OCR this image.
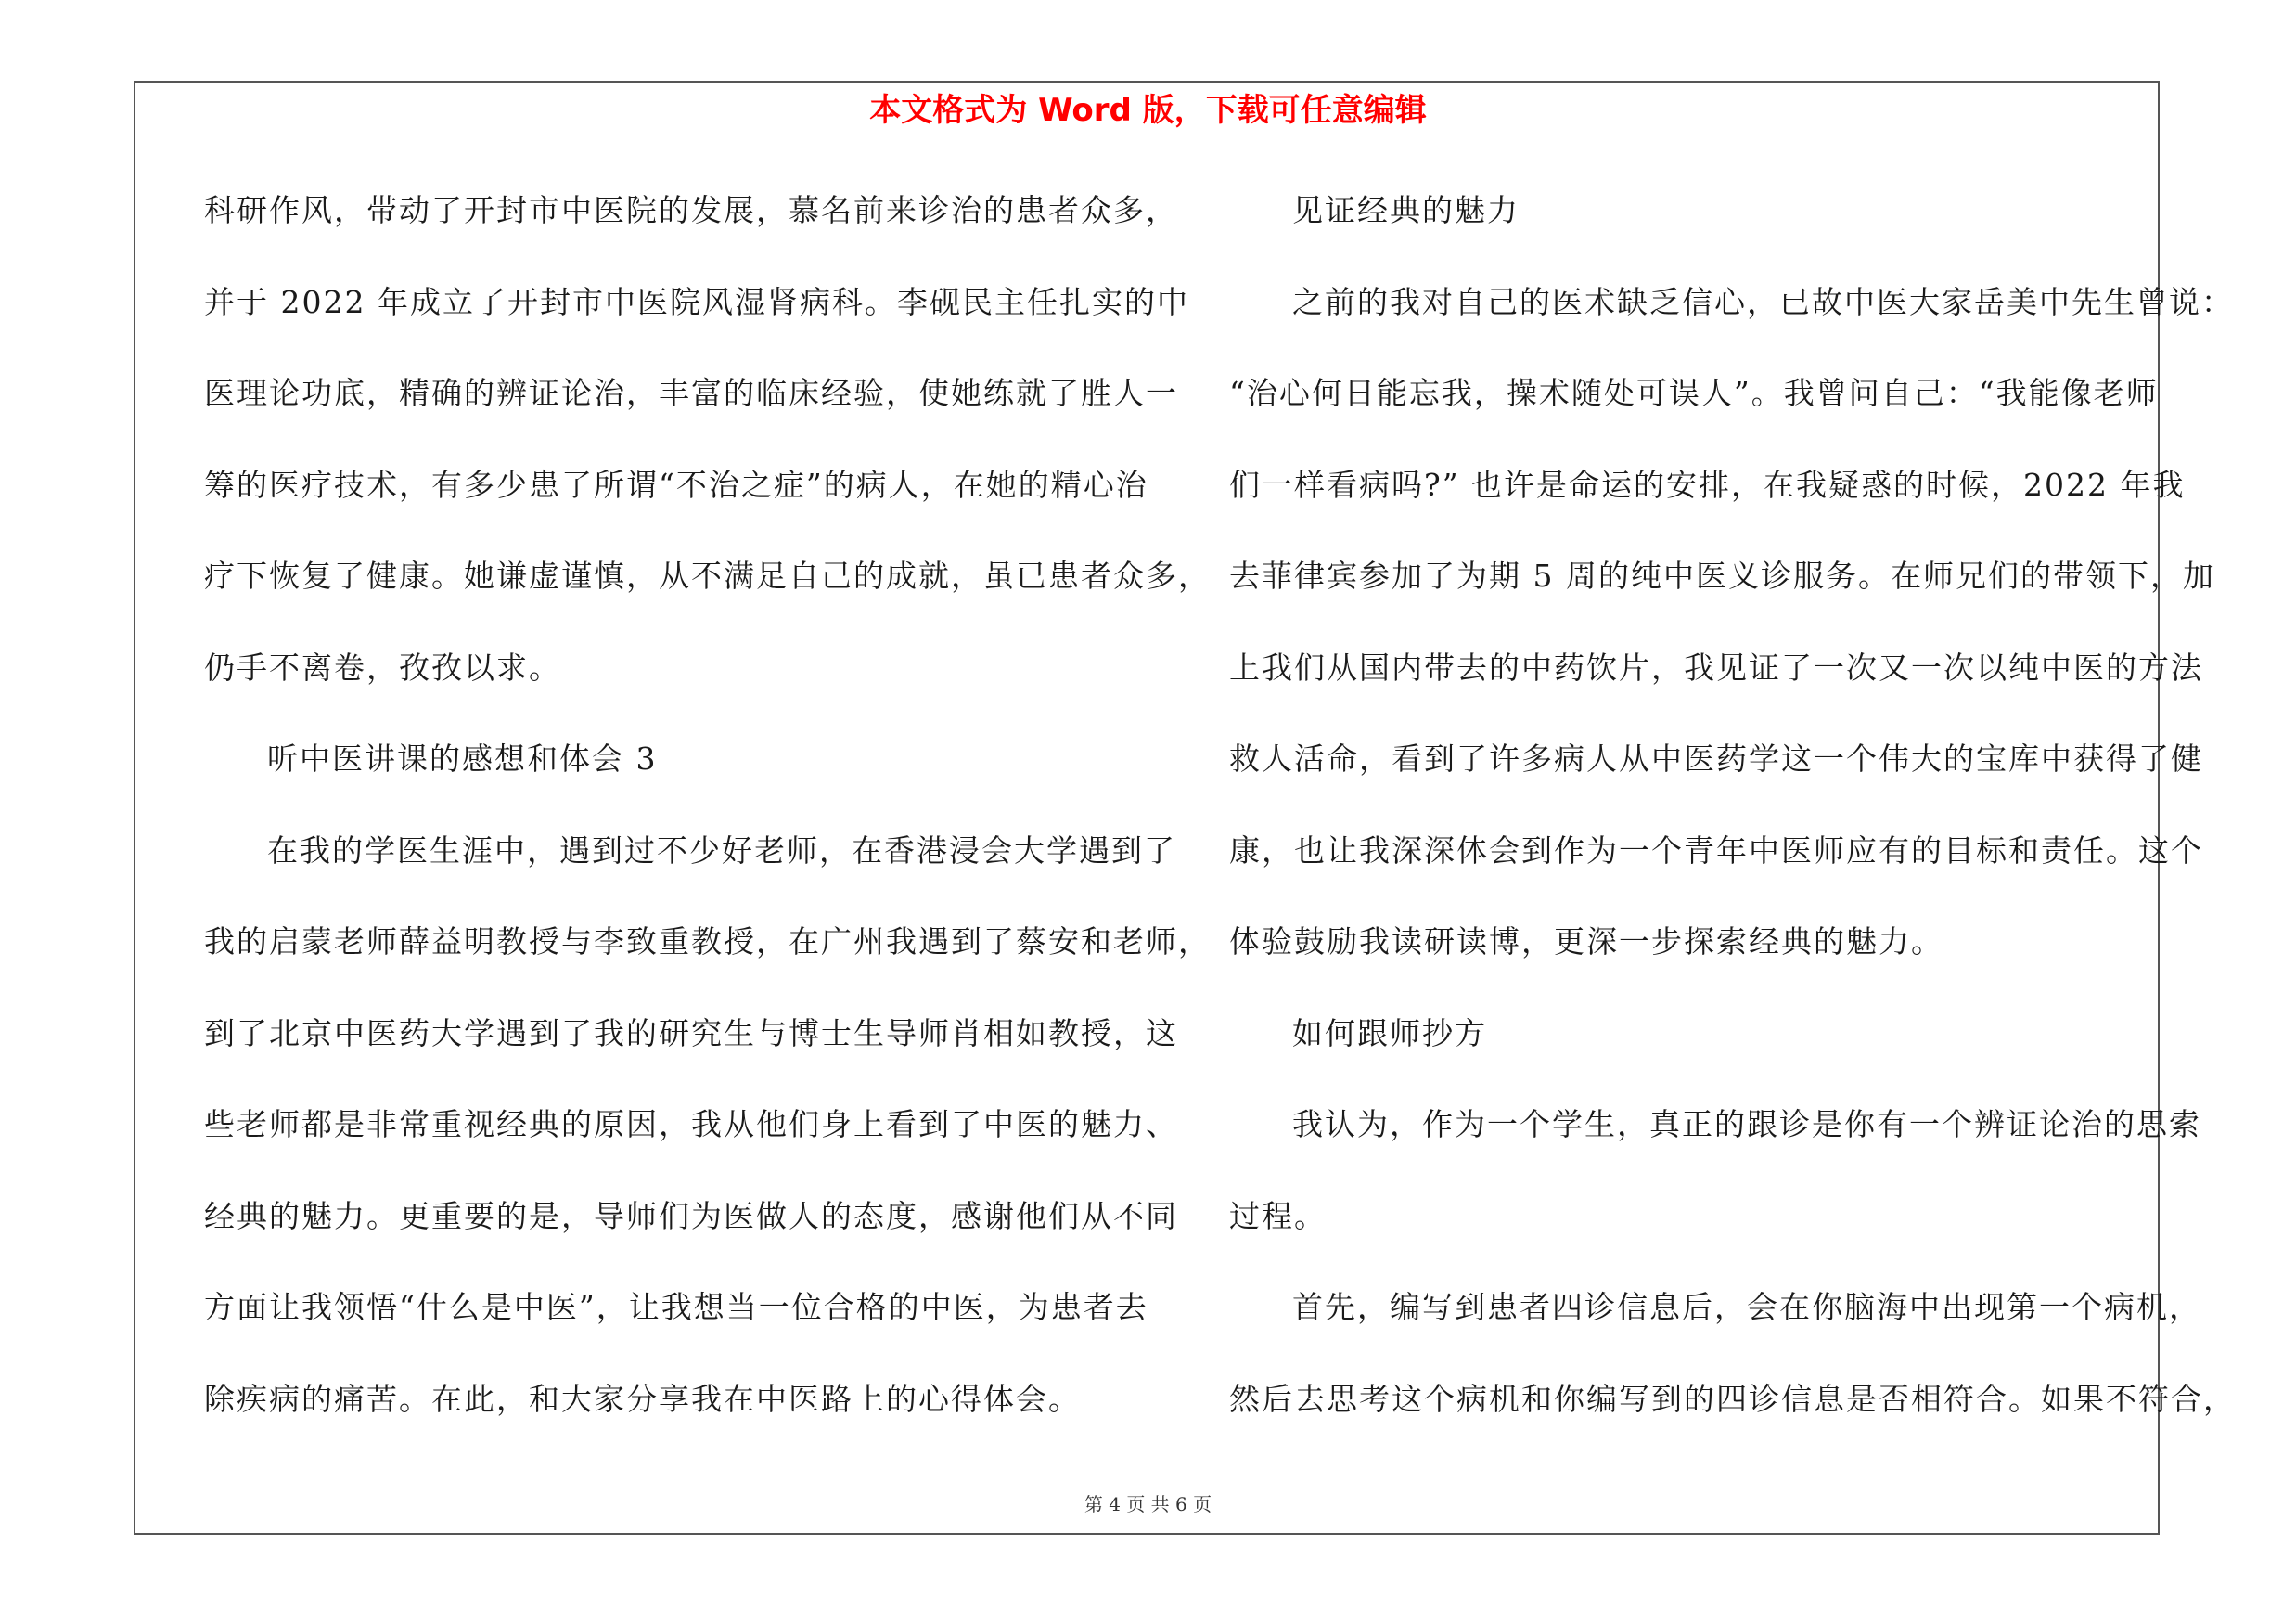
本文格式为 Word 版，下载可任意编辑
科研作风，带动了开封市中医院的发展，慕名前来诊治的患者众多，
并于 2022 年成立了开封市中医院风湿肾病科。李砚民主任扎实的中
医理论功底，精确的辨证论治，丰富的临床经验，使她练就了胜人一
筹的医疗技术，有多少患了所谓“不治之症”的病人，在她的精心治
疗下恢复了健康。她谦虚谨慎，从不满足自己的成就，虽已患者众多，
仍手不离卷，孜孜以求。
听中医讲课的感想和体会 3
在我的学医生涯中，遇到过不少好老师，在香港浸会大学遇到了
我的启蒙老师薛益明教授与李致重教授，在广州我遇到了蔡安和老师，
到了北京中医药大学遇到了我的研究生与博士生导师肖相如教授，这
些老师都是非常重视经典的原因，我从他们身上看到了中医的魅力、
经典的魅力。更重要的是，导师们为医做人的态度，感谢他们从不同
方面让我领悟“什么是中医”，让我想当一位合格的中医，为患者去
除疾病的痛苦。在此，和大家分享我在中医路上的心得体会。
见证经典的魅力
之前的我对自己的医术缺乏信心，已故中医大家岳美中先生曾说：
“治心何日能忘我，操术随处可误人”。我曾问自己：“我能像老师
们一样看病吗?” 也许是命运的安排，在我疑惑的时候，2022 年我
去菲律宾参加了为期 5 周的纯中医义诊服务。在师兄们的带领下，加
上我们从国内带去的中药饮片，我见证了一次又一次以纯中医的方法
救人活命，看到了许多病人从中医药学这一个伟大的宝库中获得了健
康，也让我深深体会到作为一个青年中医师应有的目标和责任。这个
体验鼓励我读研读博，更深一步探索经典的魅力。
如何跟师抄方
我认为，作为一个学生，真正的跟诊是你有一个辨证论治的思索
过程。
首先，编写到患者四诊信息后，会在你脑海中出现第一个病机，
然后去思考这个病机和你编写到的四诊信息是否相符合。如果不符合，
第 4 页 共 6 页
